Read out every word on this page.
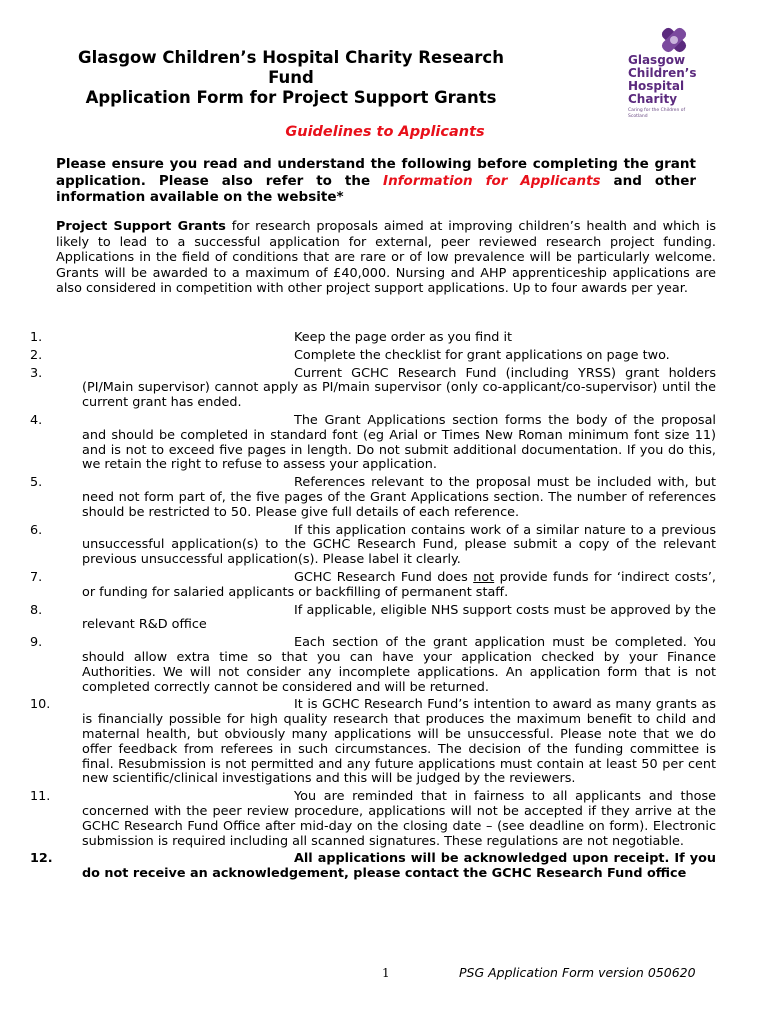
Glasgow Children’s Hospital Charity Research
Fund
Application Form for Project Support Grants
Glasgow
Children’s
Hospital
Charity
Caring for the Children of Scotland
Guidelines to Applicants
Please ensure you read and understand the following before completing the grant application. Please also refer to the Information for Applicants and other information available on the website*
Project Support Grants for research proposals aimed at improving children’s health and which is likely to lead to a successful application for external, peer reviewed research project funding. Applications in the field of conditions that are rare or of low prevalence will be particularly welcome. Grants will be awarded to a maximum of £40,000. Nursing and AHP apprenticeship applications are also considered in competition with other project support applications. Up to four awards per year.
1.	Keep the page order as you find it
2.	Complete the checklist for grant applications on page two.
3.	Current GCHC Research Fund (including YRSS) grant holders (PI/Main supervisor) cannot apply as PI/main supervisor (only co-applicant/co-supervisor) until the current grant has ended.
4.	The Grant Applications section forms the body of the proposal and should be completed in standard font (eg Arial or Times New Roman minimum font size 11) and is not to exceed five pages in length. Do not submit additional documentation. If you do this, we retain the right to refuse to assess your application.
5.	References relevant to the proposal must be included with, but need not form part of, the five pages of the Grant Applications section. The number of references should be restricted to 50. Please give full details of each reference.
6.	If this application contains work of a similar nature to a previous unsuccessful application(s) to the GCHC Research Fund, please submit a copy of the relevant previous unsuccessful application(s). Please label it clearly.
7.	GCHC Research Fund does not provide funds for ‘indirect costs’, or funding for salaried applicants or backfilling of permanent staff.
8.	If applicable, eligible NHS support costs must be approved by the relevant R&D office
9.	Each section of the grant application must be completed. You should allow extra time so that you can have your application checked by your Finance Authorities. We will not consider any incomplete applications. An application form that is not completed correctly cannot be considered and will be returned.
10.	It is GCHC Research Fund’s intention to award as many grants as is financially possible for high quality research that produces the maximum benefit to child and maternal health, but obviously many applications will be unsuccessful. Please note that we do offer feedback from referees in such circumstances. The decision of the funding committee is final. Resubmission is not permitted and any future applications must contain at least 50 per cent new scientific/clinical investigations and this will be judged by the reviewers.
11.	You are reminded that in fairness to all applicants and those concerned with the peer review procedure, applications will not be accepted if they arrive at the GCHC Research Fund Office after mid-day on the closing date – (see deadline on form). Electronic submission is required including all scanned signatures. These regulations are not negotiable.
12.	All applications will be acknowledged upon receipt. If you do not receive an acknowledgement, please contact the GCHC Research Fund office
1	PSG Application Form version 050620
